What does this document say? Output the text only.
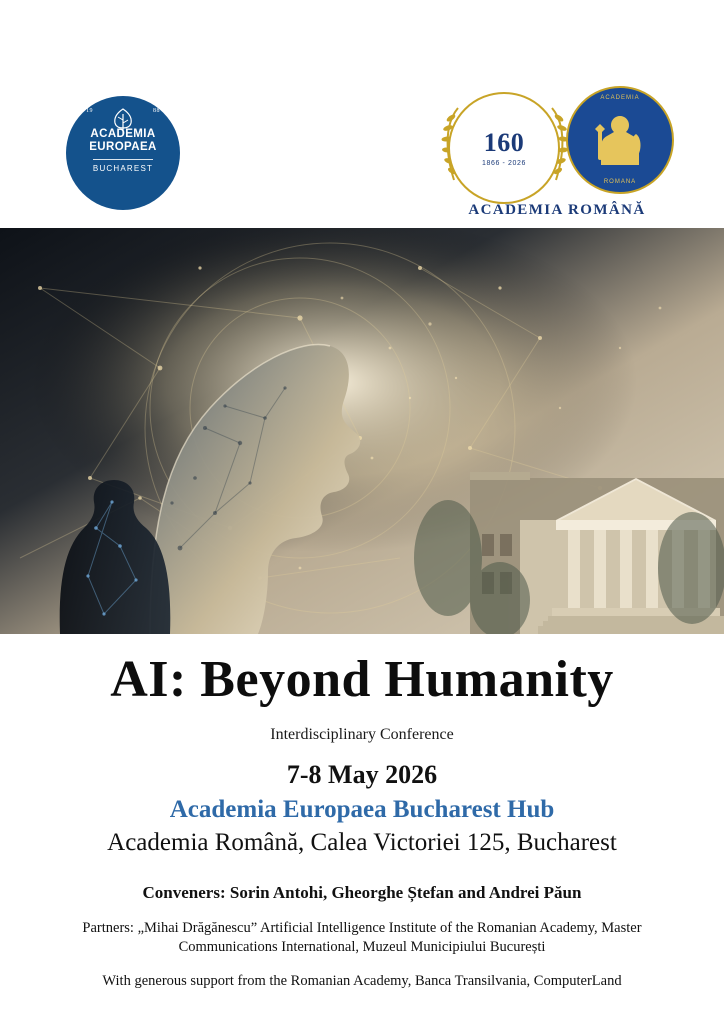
19	88
ACADEMIA
EUROPAEA
BUCHAREST
160
1866 - 2026
ACADEMIA
ROMANA
ACADEMIA ROMÂNĂ
AI: Beyond Humanity
Interdisciplinary Conference
7-8 May 2026
Academia Europaea Bucharest Hub
Academia Română, Calea Victoriei 125, Bucharest
Conveners: Sorin Antohi, Gheorghe Ștefan and Andrei Păun
Partners: „Mihai Drăgănescu” Artificial Intelligence Institute of the Romanian Academy, Master
Communications International, Muzeul Municipiului București
With generous support from the Romanian Academy, Banca Transilvania, ComputerLand
